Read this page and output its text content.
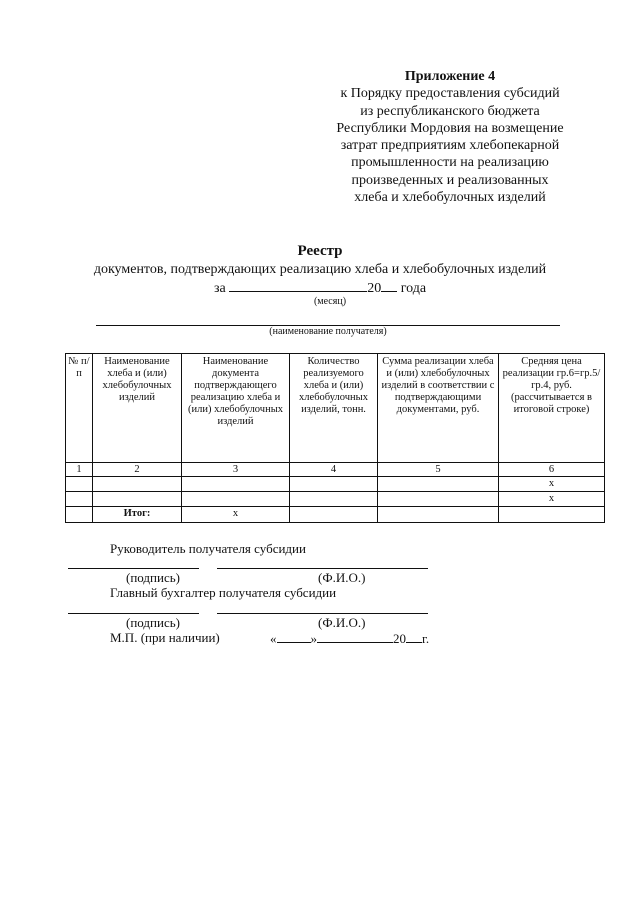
Приложение 4
к Порядку предоставления субсидий
из республиканского бюджета
Республики Мордовия на возмещение
затрат предприятиям хлебопекарной
промышленности на реализацию
произведенных и реализованных
хлеба и хлебобулочных изделий
Реестр
документов, подтверждающих реализацию хлеба и хлебобулочных изделий
за	20 года
(месяц)
(наименование получателя)
№ п/п	Наименование хлеба и (или) хлебобулочных изделий	Наименование документа подтверждающего реализацию хлеба и (или) хлебобулочных изделий	Количество реализуемого хлеба и (или) хлебобулочных изделий, тонн.	Сумма реализации хлеба и (или) хлебобулочных изделий в соответствии с подтверждающими документами, руб.	Средняя цена реализации гр.6=гр.5/гр.4, руб. (рассчитывается в итоговой строке)
1	2	3	4	5	6
					x
					x
	Итог:	x			
Руководитель получателя субсидии
(подпись)	(Ф.И.О.)
Главный бухгалтер получателя субсидии
(подпись)	(Ф.И.О.)
М.П. (при наличии)	«	»	20 г.
